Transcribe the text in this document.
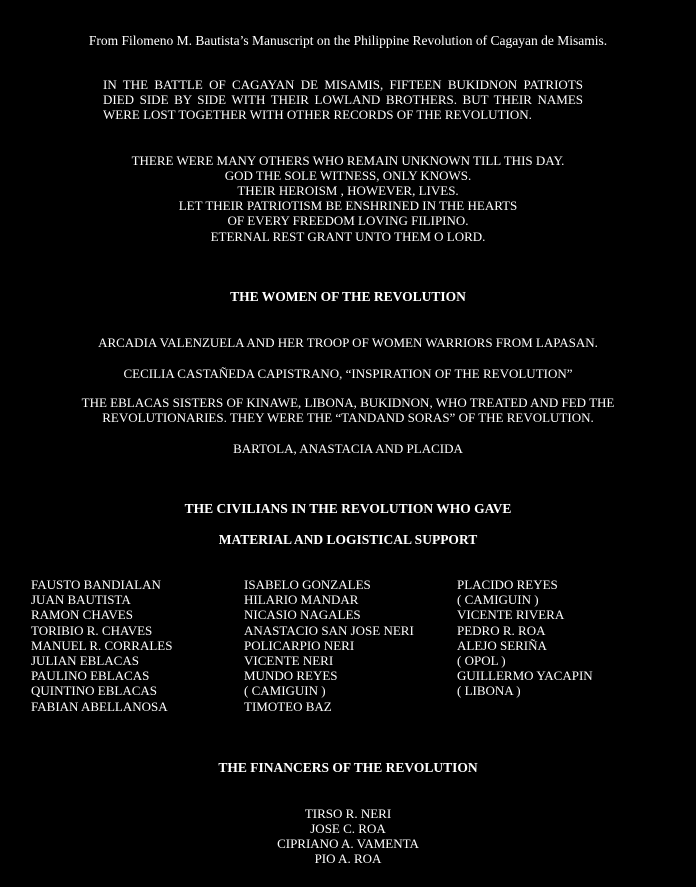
From Filomeno M. Bautista’s Manuscript on the Philippine Revolution of Cagayan de Misamis.
IN THE BATTLE OF CAGAYAN DE MISAMIS, FIFTEEN BUKIDNON PATRIOTS DIED SIDE BY SIDE WITH THEIR LOWLAND BROTHERS. BUT THEIR NAMES WERE LOST TOGETHER WITH OTHER RECORDS OF THE REVOLUTION.
THERE WERE MANY OTHERS WHO REMAIN UNKNOWN TILL THIS DAY.
GOD THE SOLE WITNESS, ONLY KNOWS.
THEIR HEROISM , HOWEVER, LIVES.
LET THEIR PATRIOTISM BE ENSHRINED IN THE HEARTS
OF EVERY FREEDOM LOVING FILIPINO.
ETERNAL REST GRANT UNTO THEM O LORD.
THE WOMEN OF THE REVOLUTION
ARCADIA VALENZUELA AND HER TROOP OF WOMEN WARRIORS FROM LAPASAN.
CECILIA CASTAÑEDA CAPISTRANO, “INSPIRATION OF THE REVOLUTION”
THE EBLACAS SISTERS OF KINAWE, LIBONA, BUKIDNON, WHO TREATED AND FED THE
REVOLUTIONARIES. THEY WERE THE “TANDAND SORAS” OF THE REVOLUTION.
BARTOLA, ANASTACIA AND PLACIDA
THE CIVILIANS IN THE REVOLUTION WHO GAVE
MATERIAL AND LOGISTICAL SUPPORT
FAUSTO BANDIALAN
JUAN BAUTISTA
RAMON CHAVES
TORIBIO R. CHAVES
MANUEL R. CORRALES
JULIAN EBLACAS
PAULINO EBLACAS
QUINTINO EBLACAS
FABIAN ABELLANOSA
ISABELO GONZALES
HILARIO MANDAR
NICASIO NAGALES
ANASTACIO SAN JOSE NERI
POLICARPIO NERI
VICENTE NERI
MUNDO REYES
( CAMIGUIN )
TIMOTEO BAZ
PLACIDO REYES
( CAMIGUIN )
VICENTE RIVERA
PEDRO R. ROA
ALEJO SERIÑA
( OPOL )
GUILLERMO YACAPIN
( LIBONA )
THE FINANCERS OF THE REVOLUTION
TIRSO R. NERI
JOSE C. ROA
CIPRIANO A. VAMENTA
PIO A. ROA
